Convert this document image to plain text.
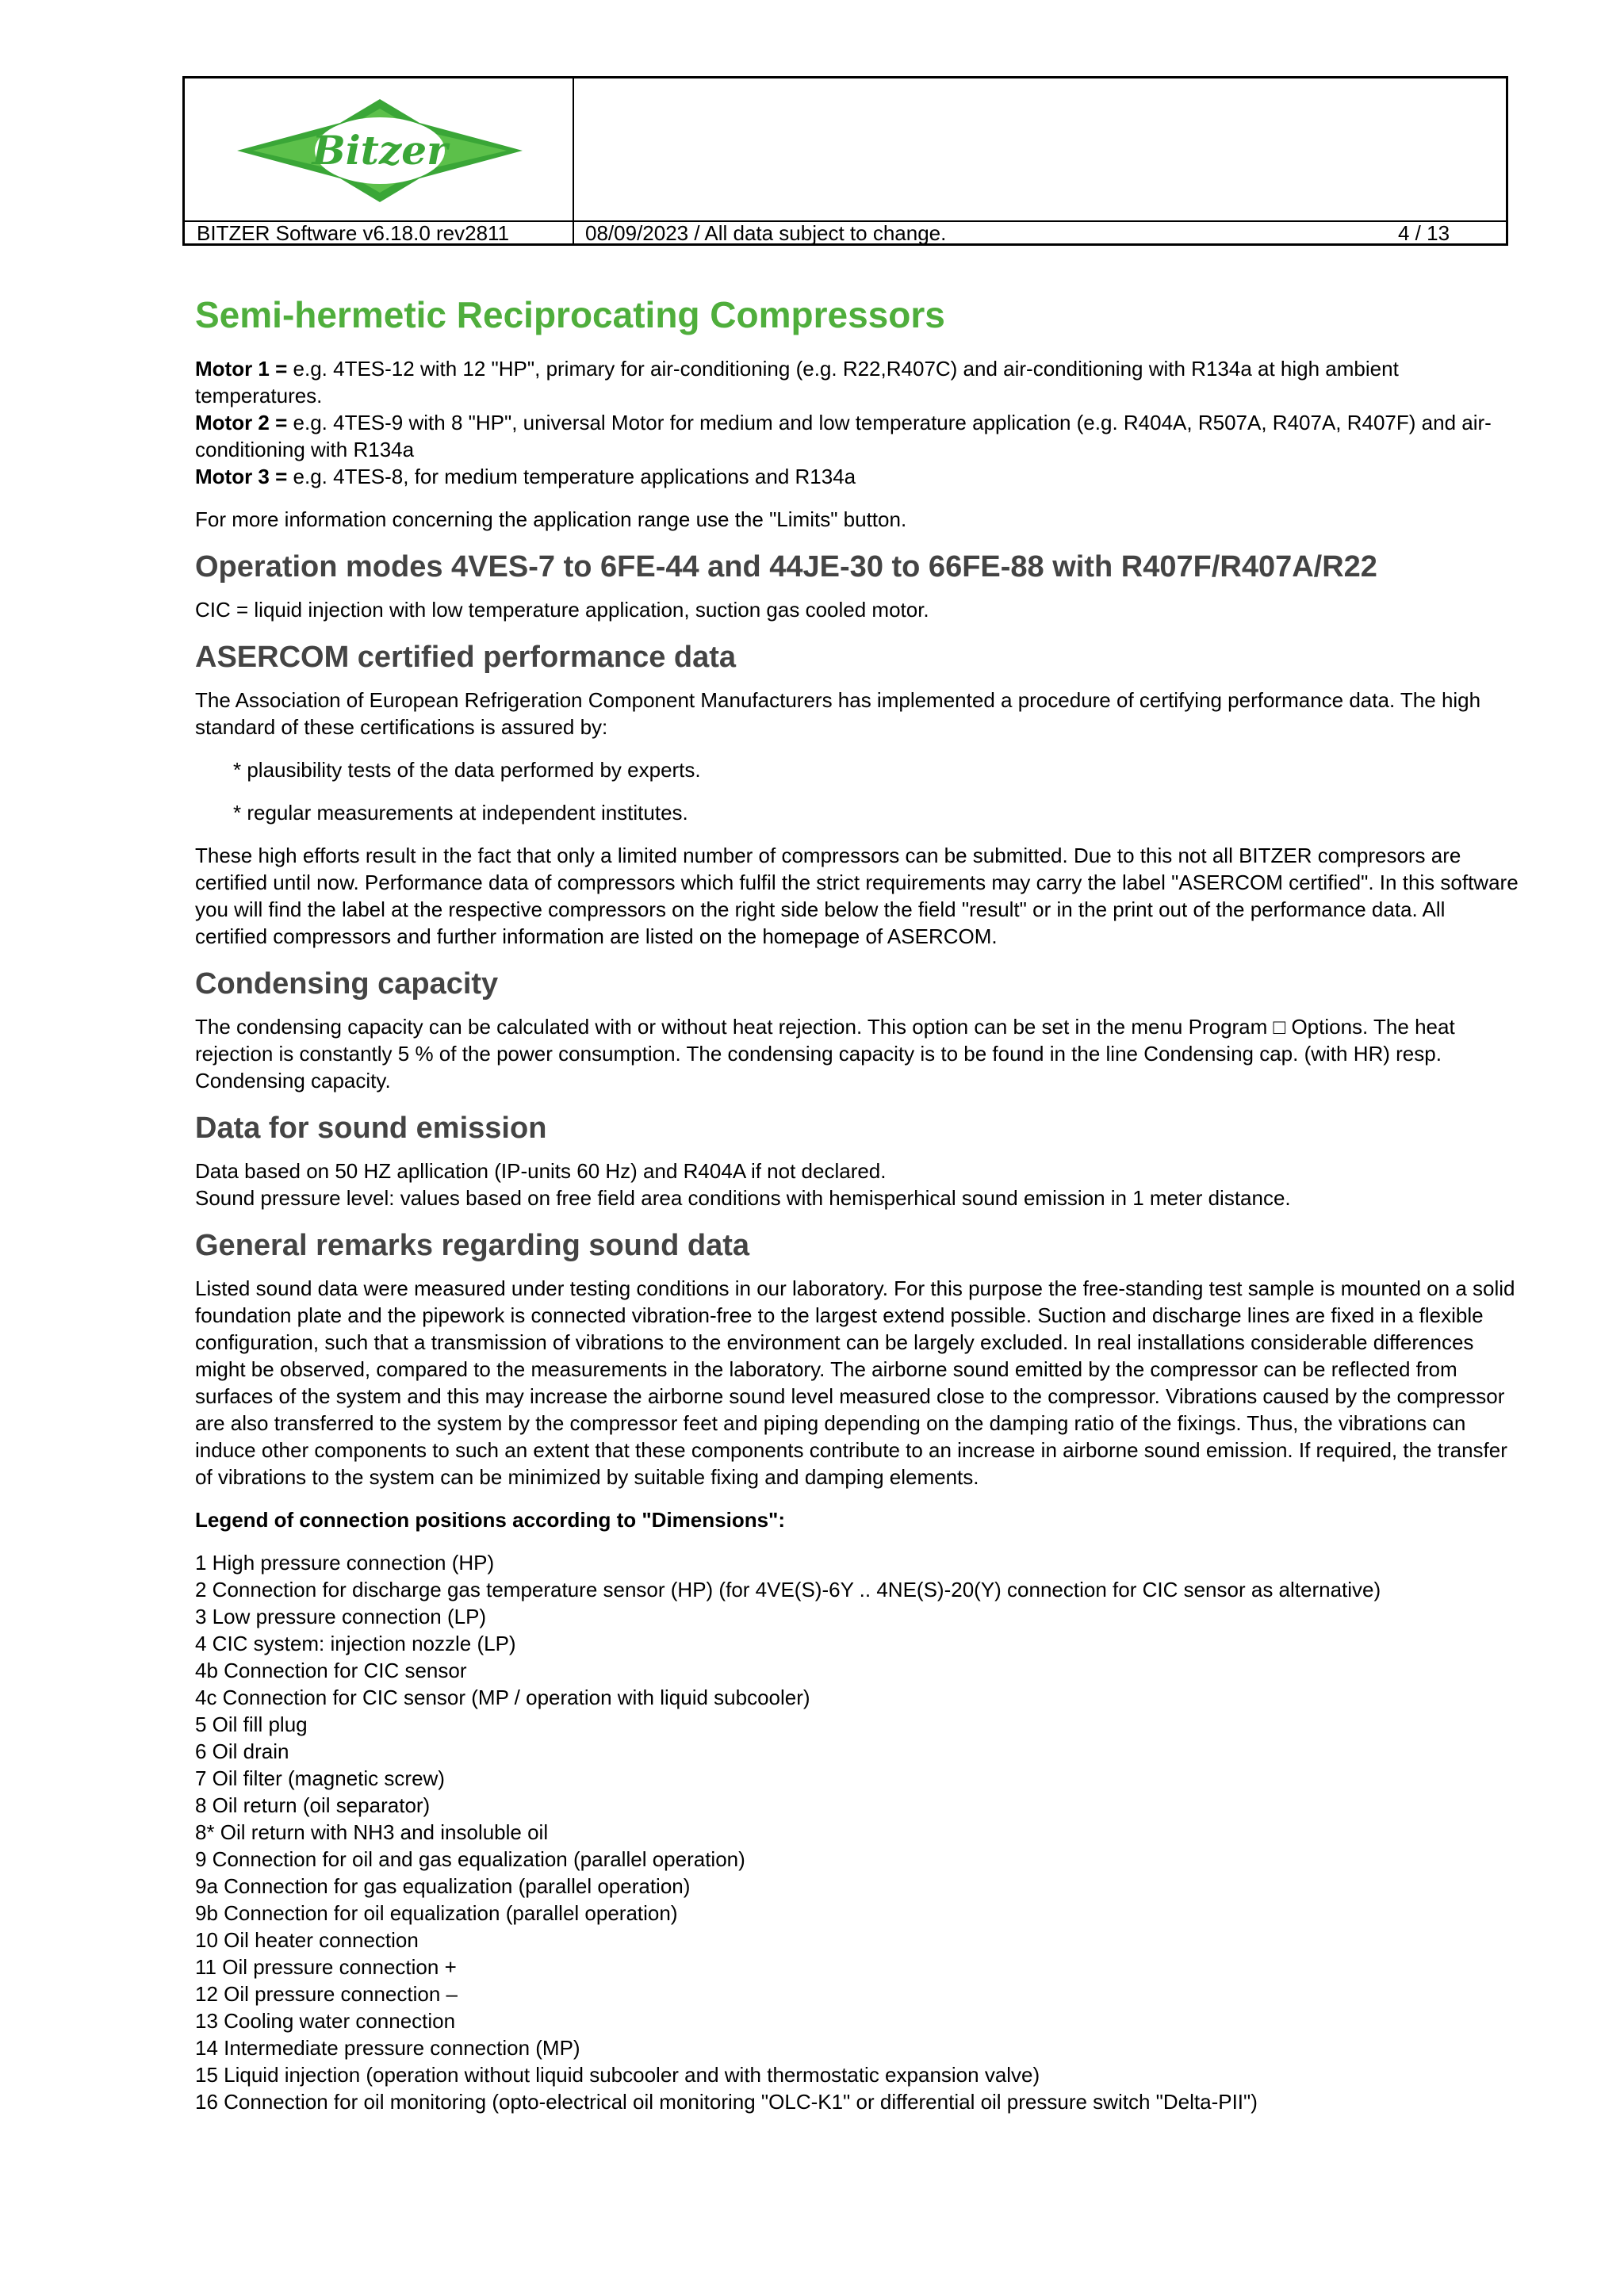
Bitzer
BITZER Software v6.18.0 rev2811	08/09/2023 / All data subject to change.	4 / 13
Semi-hermetic Reciprocating Compressors
Motor 1 = e.g. 4TES-12 with 12 "HP", primary for air-conditioning (e.g. R22,R407C) and air-conditioning with R134a at high ambient temperatures.
Motor 2 = e.g. 4TES-9 with 8 "HP", universal Motor for medium and low temperature application (e.g. R404A, R507A, R407A, R407F) and air-conditioning with R134a
Motor 3 = e.g. 4TES-8, for medium temperature applications and R134a

For more information concerning the application range use the "Limits" button.

Operation modes 4VES-7 to 6FE-44 and 44JE-30 to 66FE-88 with R407F/R407A/R22

CIC = liquid injection with low temperature application, suction gas cooled motor.

ASERCOM certified performance data

The Association of European Refrigeration Component Manufacturers has implemented a procedure of certifying performance data. The high standard of these certifications is assured by:

* plausibility tests of the data performed by experts.

* regular measurements at independent institutes.

These high efforts result in the fact that only a limited number of compressors can be submitted. Due to this not all BITZER compresors are certified until now. Performance data of compressors which fulfil the strict requirements may carry the label "ASERCOM certified". In this software you will find the label at the respective compressors on the right side below the field "result" or in the print out of the performance data. All certified compressors and further information are listed on the homepage of ASERCOM.

Condensing capacity

The condensing capacity can be calculated with or without heat rejection. This option can be set in the menu Program □ Options. The heat rejection is constantly 5 % of the power consumption. The condensing capacity is to be found in the line Condensing cap. (with HR) resp. Condensing capacity.

Data for sound emission

Data based on 50 HZ apllication (IP-units 60 Hz) and R404A if not declared.

Sound pressure level: values based on free field area conditions with hemisperhical sound emission in 1 meter distance.

General remarks regarding sound data

Listed sound data were measured under testing conditions in our laboratory. For this purpose the free-standing test sample is mounted on a solid foundation plate and the pipework is connected vibration-free to the largest extend possible. Suction and discharge lines are fixed in a flexible configuration, such that a transmission of vibrations to the environment can be largely excluded. In real installations considerable differences might be observed, compared to the measurements in the laboratory. The airborne sound emitted by the compressor can be reflected from surfaces of the system and this may increase the airborne sound level measured close to the compressor. Vibrations caused by the compressor are also transferred to the system by the compressor feet and piping depending on the damping ratio of the fixings. Thus, the vibrations can induce other components to such an extent that these components contribute to an increase in airborne sound emission. If required, the transfer of vibrations to the system can be minimized by suitable fixing and damping elements.

Legend of connection positions according to "Dimensions":

1 High pressure connection (HP)
2 Connection for discharge gas temperature sensor (HP) (for 4VE(S)-6Y .. 4NE(S)-20(Y) connection for CIC sensor as alternative)
3 Low pressure connection (LP)
4 CIC system: injection nozzle (LP)
4b Connection for CIC sensor
4c Connection for CIC sensor (MP / operation with liquid subcooler)
5 Oil fill plug
6 Oil drain
7 Oil filter (magnetic screw)
8 Oil return (oil separator)
8* Oil return with NH3 and insoluble oil
9 Connection for oil and gas equalization (parallel operation)
9a Connection for gas equalization (parallel operation)
9b Connection for oil equalization (parallel operation)
10 Oil heater connection
11 Oil pressure connection +
12 Oil pressure connection –
13 Cooling water connection
14 Intermediate pressure connection (MP)
15 Liquid injection (operation without liquid subcooler and with thermostatic expansion valve)
16 Connection for oil monitoring (opto-electrical oil monitoring "OLC-K1" or differential oil pressure switch "Delta-PII")
